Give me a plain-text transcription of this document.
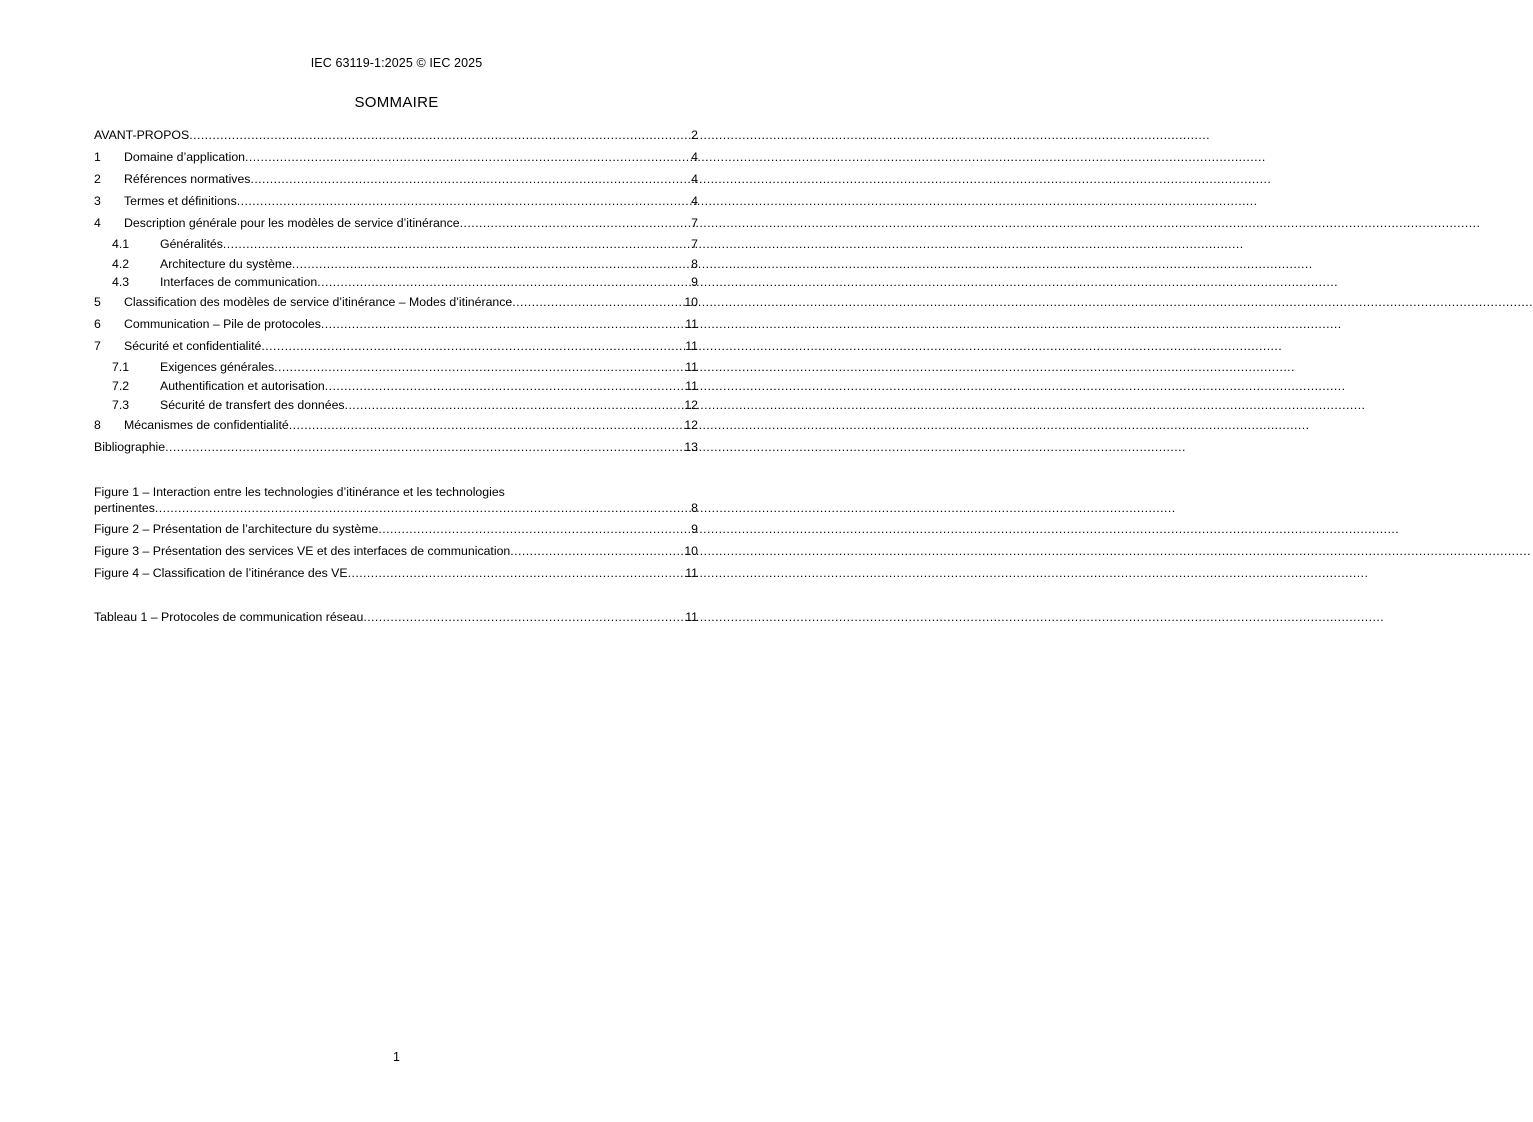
IEC 63119-1:2025 © IEC 2025
SOMMAIRE
AVANT-PROPOS .....	2
1	Domaine d’application .....	4
2	Références normatives .....	4
3	Termes et définitions .....	4
4	Description générale pour les modèles de service d’itinérance .....	7
4.1	Généralités .....	7
4.2	Architecture du système .....	8
4.3	Interfaces de communication .....	9
5	Classification des modèles de service d’itinérance – Modes d’itinérance .....	10
6	Communication – Pile de protocoles .....	11
7	Sécurité et confidentialité .....	11
7.1	Exigences générales .....	11
7.2	Authentification et autorisation .....	11
7.3	Sécurité de transfert des données .....	12
8	Mécanismes de confidentialité .....	12
Bibliographie .....	13
Figure 1 – Interaction entre les technologies d’itinérance et les technologies
pertinentes .....	8
Figure 2 – Présentation de l’architecture du système .....	9
Figure 3 – Présentation des services VE et des interfaces de communication .....	10
Figure 4 – Classification de l’itinérance des VE .....	11
Tableau 1 – Protocoles de communication réseau .....	11
1
